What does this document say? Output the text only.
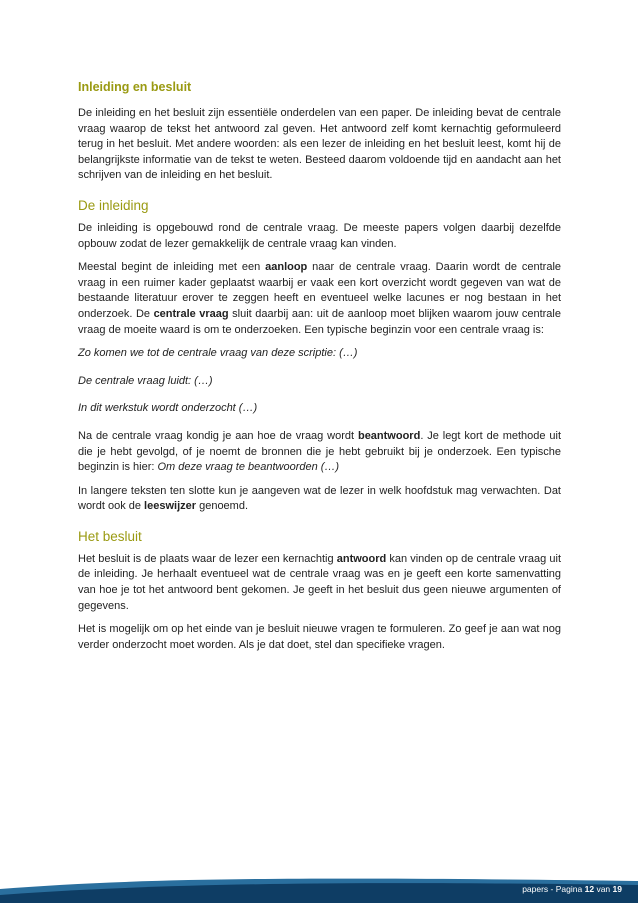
Inleiding en besluit

De inleiding en het besluit zijn essentiële onderdelen van een paper. De inleiding bevat de centrale vraag waarop de tekst het antwoord zal geven. Het antwoord zelf komt kernachtig geformuleerd terug in het besluit. Met andere woorden: als een lezer de inleiding en het besluit leest, komt hij de belangrijkste informatie van de tekst te weten. Besteed daarom voldoende tijd en aandacht aan het schrijven van de inleiding en het besluit.

De inleiding

De inleiding is opgebouwd rond de centrale vraag. De meeste papers volgen daarbij dezelfde opbouw zodat de lezer gemakkelijk de centrale vraag kan vinden.

Meestal begint de inleiding met een aanloop naar de centrale vraag. Daarin wordt de centrale vraag in een ruimer kader geplaatst waarbij er vaak een kort overzicht wordt gegeven van wat de bestaande literatuur erover te zeggen heeft en eventueel welke lacunes er nog bestaan in het onderzoek. De centrale vraag sluit daarbij aan: uit de aanloop moet blijken waarom jouw centrale vraag de moeite waard is om te onderzoeken. Een typische beginzin voor een centrale vraag is:

Zo komen we tot de centrale vraag van deze scriptie: (…)

De centrale vraag luidt: (…)

In dit werkstuk wordt onderzocht (…)

Na de centrale vraag kondig je aan hoe de vraag wordt beantwoord. Je legt kort de methode uit die je hebt gevolgd, of je noemt de bronnen die je hebt gebruikt bij je onderzoek. Een typische beginzin is hier: Om deze vraag te beantwoorden (…)

In langere teksten ten slotte kun je aangeven wat de lezer in welk hoofdstuk mag verwachten. Dat wordt ook de leeswijzer genoemd.

Het besluit

Het besluit is de plaats waar de lezer een kernachtig antwoord kan vinden op de centrale vraag uit de inleiding. Je herhaalt eventueel wat de centrale vraag was en je geeft een korte samenvatting van hoe je tot het antwoord bent gekomen. Je geeft in het besluit dus geen nieuwe argumenten of gegevens.

Het is mogelijk om op het einde van je besluit nieuwe vragen te formuleren. Zo geef je aan wat nog verder onderzocht moet worden. Als je dat doet, stel dan specifieke vragen.

papers - Pagina 12 van 19
